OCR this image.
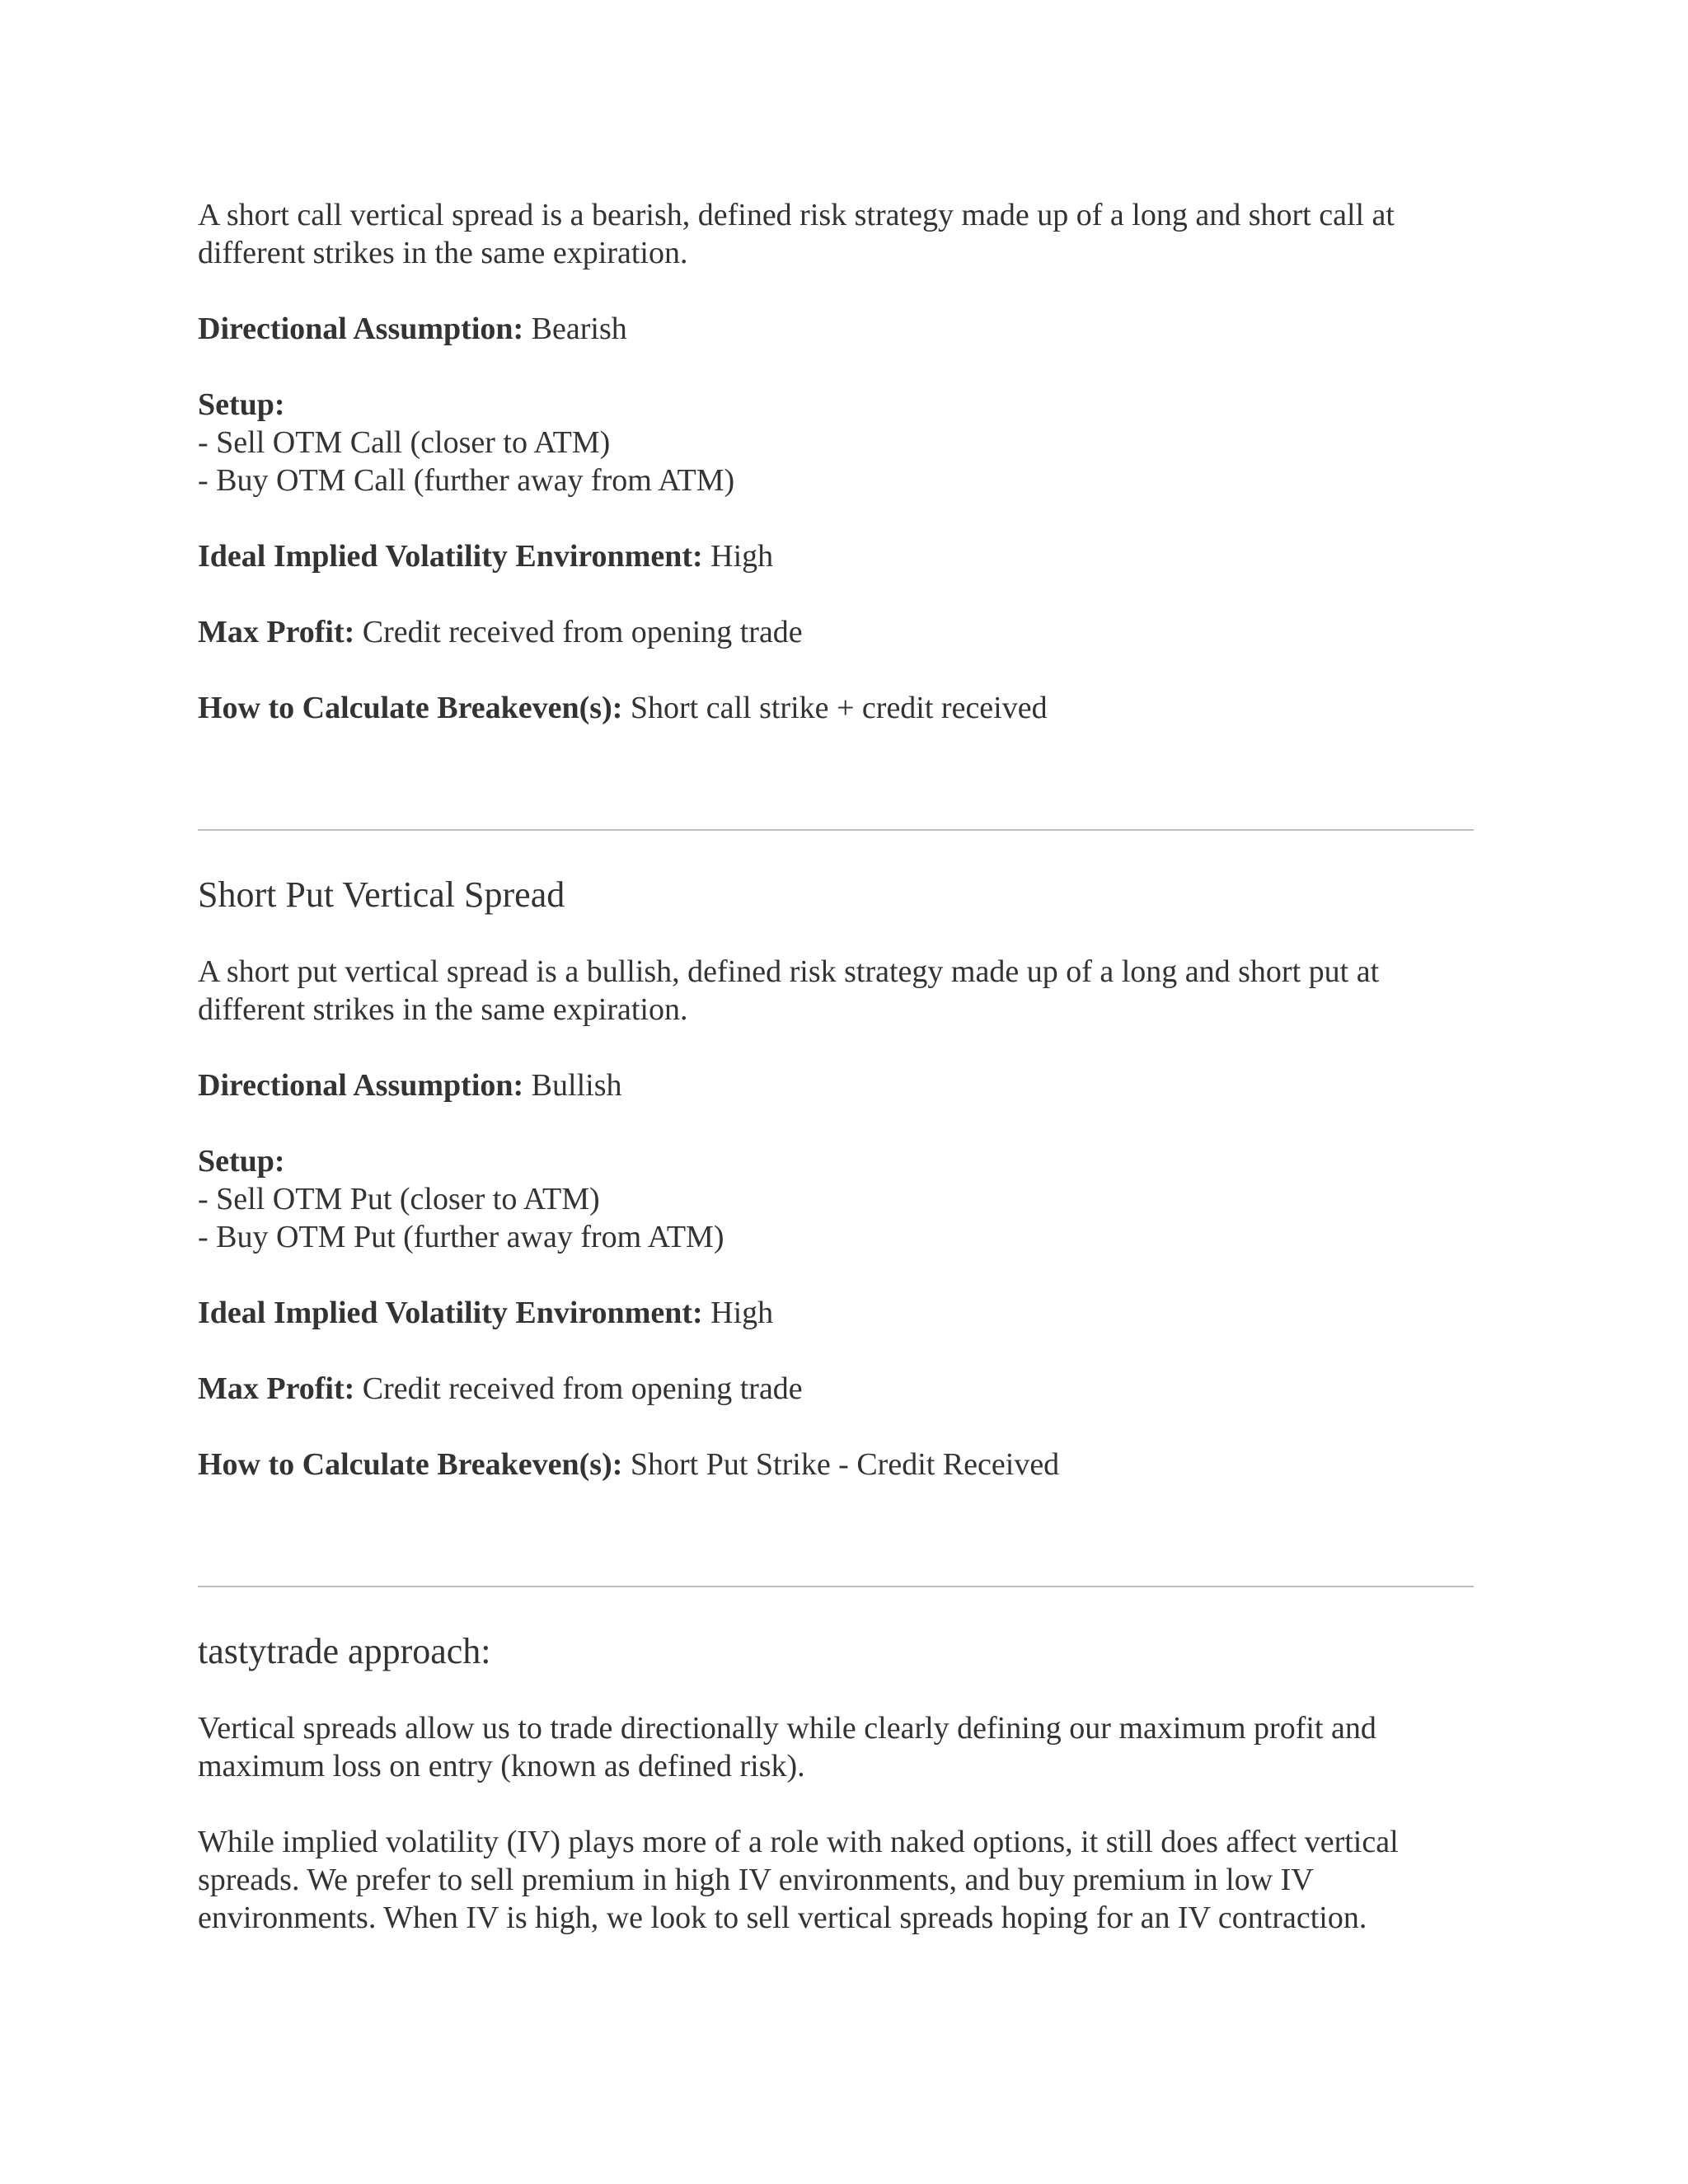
A short call vertical spread is a bearish, defined risk strategy made up of a long and short call at different strikes in the same expiration.

Directional Assumption: Bearish

Setup:

- Sell OTM Call (closer to ATM)

- Buy OTM Call (further away from ATM)

Ideal Implied Volatility Environment: High

Max Profit: Credit received from opening trade

How to Calculate Breakeven(s): Short call strike + credit received

Short Put Vertical Spread

A short put vertical spread is a bullish, defined risk strategy made up of a long and short put at different strikes in the same expiration.

Directional Assumption: Bullish

Setup:

- Sell OTM Put (closer to ATM)

- Buy OTM Put (further away from ATM)

Ideal Implied Volatility Environment: High

Max Profit: Credit received from opening trade

How to Calculate Breakeven(s): Short Put Strike - Credit Received

tastytrade approach:

Vertical spreads allow us to trade directionally while clearly defining our maximum profit and maximum loss on entry (known as defined risk).

While implied volatility (IV) plays more of a role with naked options, it still does affect vertical spreads. We prefer to sell premium in high IV environments, and buy premium in low IV environments. When IV is high, we look to sell vertical spreads hoping for an IV contraction.
